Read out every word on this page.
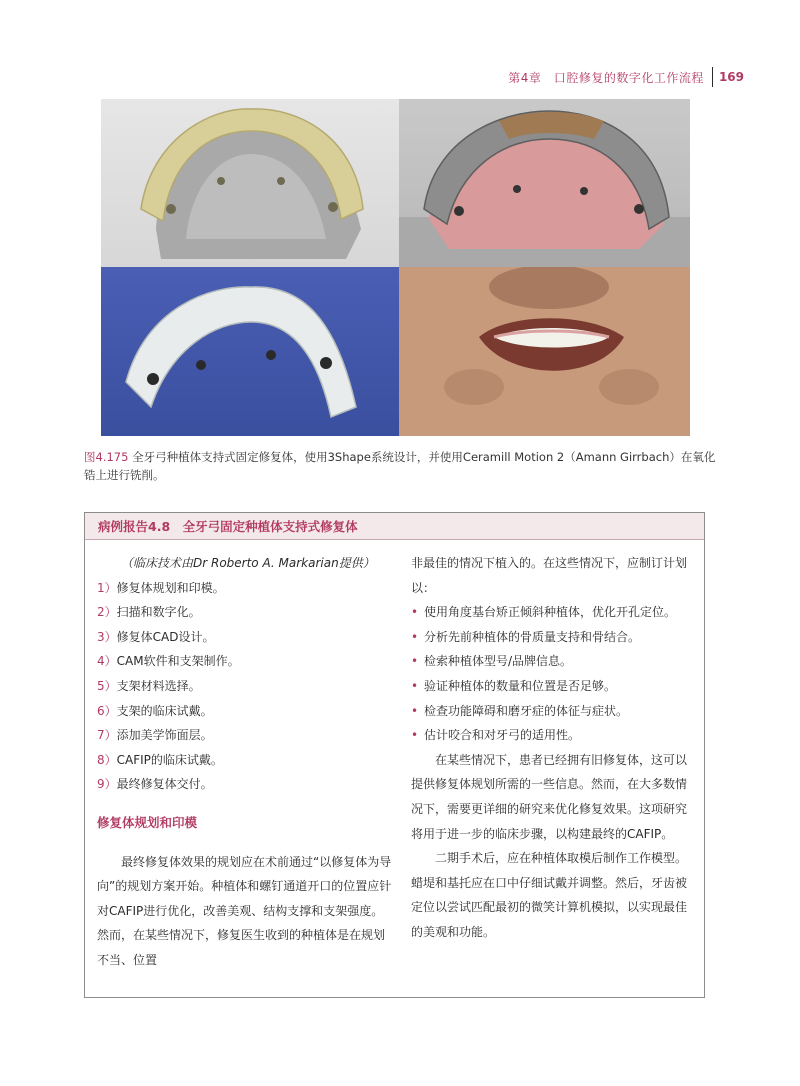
第4章　口腔修复的数字化工作流程 169
图4.175 全牙弓种植体支持式固定修复体，使用3Shape系统设计，并使用Ceramill Motion 2（Amann Girrbach）在氧化锆上进行铣削。
病例报告4.8　全牙弓固定种植体支持式修复体

（临床技术由Dr Roberto A. Markarian提供）

1）修复体规划和印模。

2）扫描和数字化。

3）修复体CAD设计。

4）CAM软件和支架制作。

5）支架材料选择。

6）支架的临床试戴。

7）添加美学饰面层。

8）CAFIP的临床试戴。

9）最终修复体交付。

修复体规划和印模

最终修复体效果的规划应在术前通过“以修复体为导向”的规划方案开始。种植体和螺钉通道开口的位置应针对CAFIP进行优化，改善美观、结构支撑和支架强度。然而，在某些情况下，修复医生收到的种植体是在规划不当、位置

非最佳的情况下植入的。在这些情况下，应制订计划以：

• 使用角度基台矫正倾斜种植体，优化开孔定位。
• 分析先前种植体的骨质量支持和骨结合。
• 检索种植体型号/品牌信息。
• 验证种植体的数量和位置是否足够。
• 检查功能障碍和磨牙症的体征与症状。
• 估计咬合和对牙弓的适用性。

在某些情况下，患者已经拥有旧修复体，这可以提供修复体规划所需的一些信息。然而，在大多数情况下，需要更详细的研究来优化修复效果。这项研究将用于进一步的临床步骤，以构建最终的CAFIP。

二期手术后，应在种植体取模后制作工作模型。蜡堤和基托应在口中仔细试戴并调整。然后，牙齿被定位以尝试匹配最初的微笑计算机模拟，以实现最佳的美观和功能。
